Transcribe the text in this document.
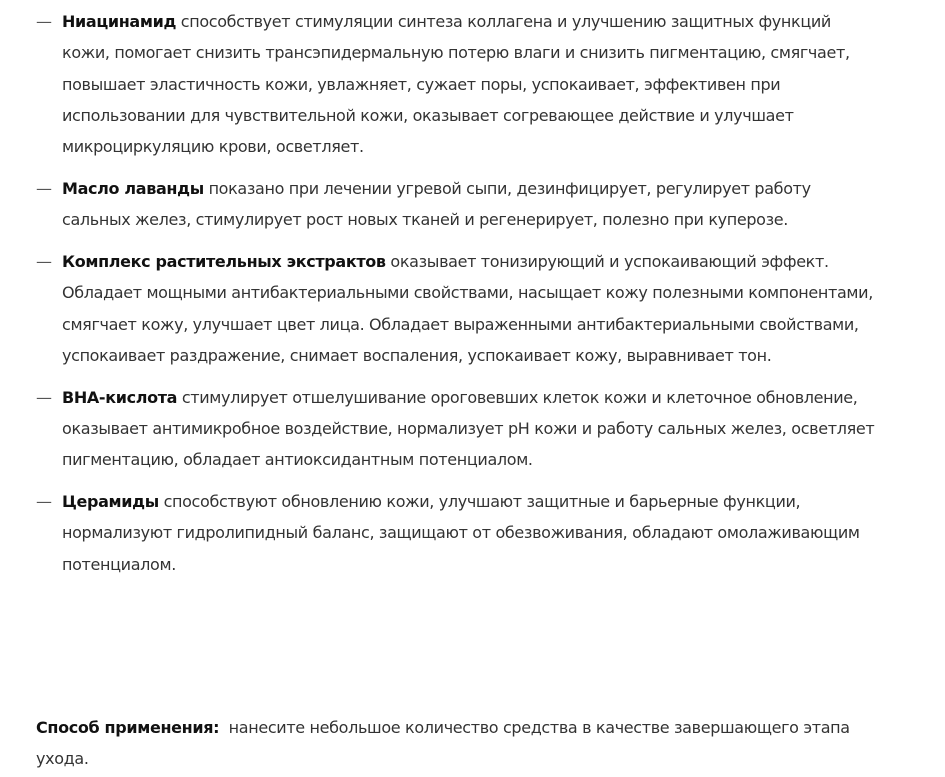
— Ниацинамид способствует стимуляции синтеза коллагена и улучшению защитных функций кожи, помогает снизить трансэпидермальную потерю влаги и снизить пигментацию, смягчает, повышает эластичность кожи, увлажняет, сужает поры, успокаивает, эффективен при использовании для чувствительной кожи, оказывает согревающее действие и улучшает микроциркуляцию крови, осветляет.
— Масло лаванды показано при лечении угревой сыпи, дезинфицирует, регулирует работу сальных желез, стимулирует рост новых тканей и регенерирует, полезно при куперозе.
— Комплекс растительных экстрактов оказывает тонизирующий и успокаивающий эффект. Обладает мощными антибактериальными свойствами, насыщает кожу полезными компонентами, смягчает кожу, улучшает цвет лица. Обладает выраженными антибактериальными свойствами, успокаивает раздражение, снимает воспаления, успокаивает кожу, выравнивает тон.
— BHA-кислота стимулирует отшелушивание ороговевших клеток кожи и клеточное обновление, оказывает антимикробное воздействие, нормализует pH кожи и работу сальных желез, осветляет пигментацию, обладает антиоксидантным потенциалом.
— Церамиды способствуют обновлению кожи, улучшают защитные и барьерные функции, нормализуют гидролипидный баланс, защищают от обезвоживания, обладают омолаживающим потенциалом.

Способ применения:  нанесите небольшое количество средства в качестве завершающего этапа ухода.
